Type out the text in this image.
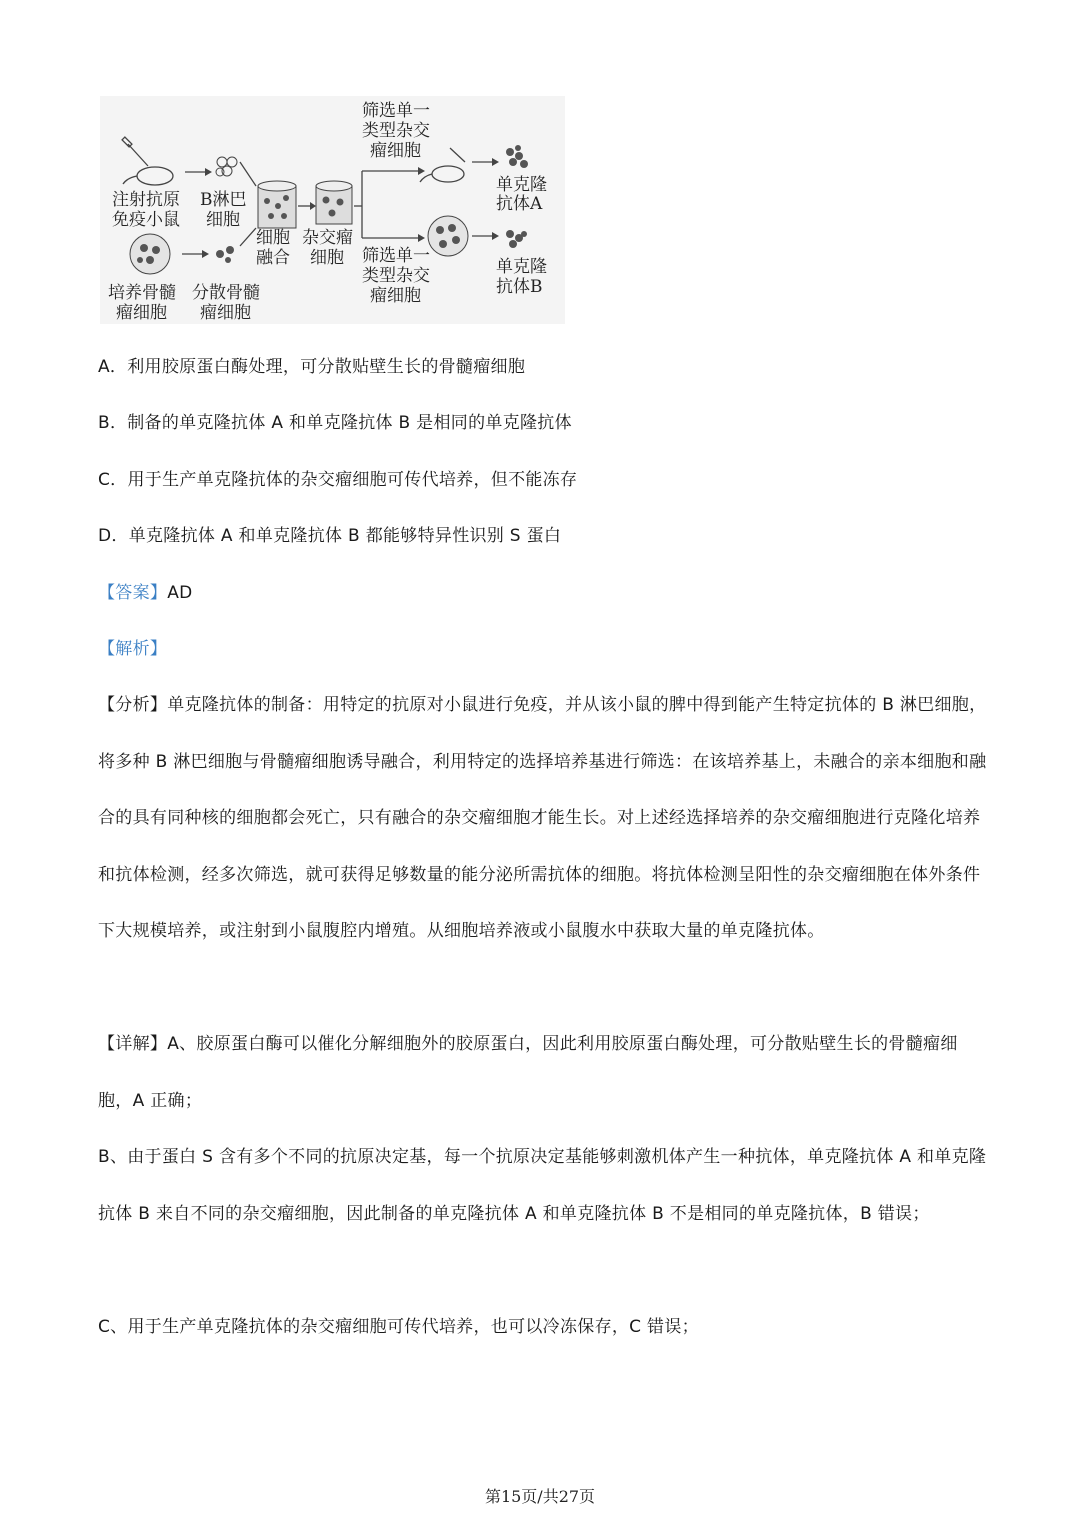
注射抗原
免疫小鼠
B淋巴
细胞
细胞
融合
杂交瘤
细胞
筛选单一
类型杂交
瘤细胞
单克隆
抗体A
单克隆
抗体B
筛选单一
类型杂交
瘤细胞
培养骨髓
瘤细胞
分散骨髓
瘤细胞
A．利用胶原蛋白酶处理，可分散贴壁生长的骨髓瘤细胞
B．制备的单克隆抗体 A 和单克隆抗体 B 是相同的单克隆抗体
C．用于生产单克隆抗体的杂交瘤细胞可传代培养，但不能冻存
D．单克隆抗体 A 和单克隆抗体 B 都能够特异性识别 S 蛋白
【答案】AD
【解析】

【分析】单克隆抗体的制备：用特定的抗原对小鼠进行免疫，并从该小鼠的脾中得到能产生特定抗体的 B 淋巴细胞，将多种 B 淋巴细胞与骨髓瘤细胞诱导融合，利用特定的选择培养基进行筛选：在该培养基上，未融合的亲本细胞和融合的具有同种核的细胞都会死亡，只有融合的杂交瘤细胞才能生长。对上述经选择培养的杂交瘤细胞进行克隆化培养和抗体检测，经多次筛选，就可获得足够数量的能分泌所需抗体的细胞。将抗体检测呈阳性的杂交瘤细胞在体外条件下大规模培养，或注射到小鼠腹腔内增殖。从细胞培养液或小鼠腹水中获取大量的单克隆抗体。

【详解】A、胶原蛋白酶可以催化分解细胞外的胶原蛋白，因此利用胶原蛋白酶处理，可分散贴壁生长的骨髓瘤细胞，A 正确；

B、由于蛋白 S 含有多个不同的抗原决定基，每一个抗原决定基能够刺激机体产生一种抗体，单克隆抗体 A 和单克隆抗体 B 来自不同的杂交瘤细胞，因此制备的单克隆抗体 A 和单克隆抗体 B 不是相同的单克隆抗体，B 错误；

C、用于生产单克隆抗体的杂交瘤细胞可传代培养，也可以冷冻保存，C 错误；

第15页/共27页
